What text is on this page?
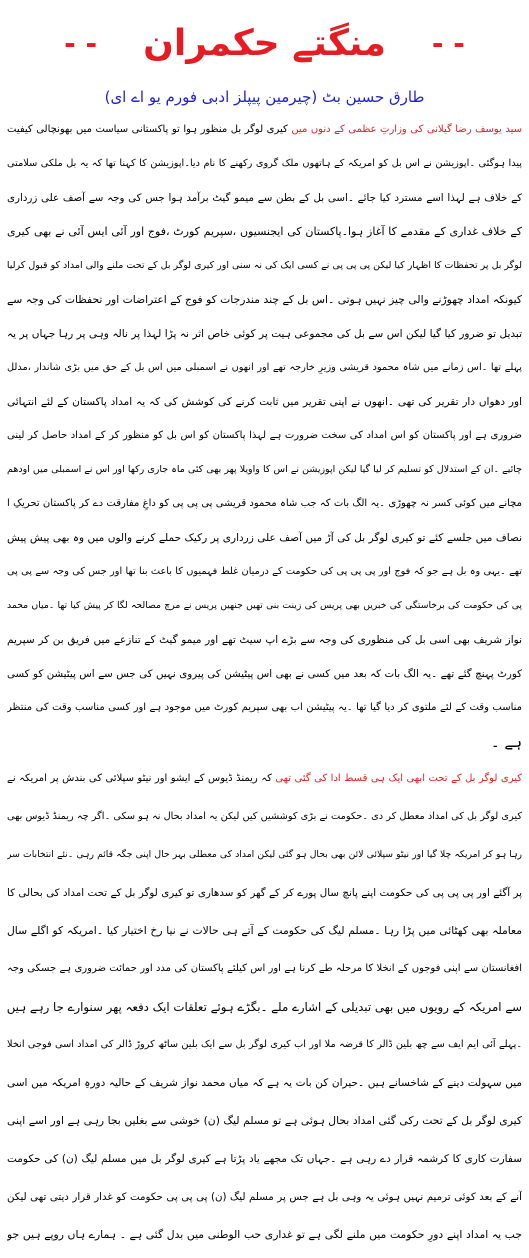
- - منگتے حکمران - -
طارق حسین بٹ (چیرمین پیپلز ادبی فورم یو اے ای)
سید یوسف رضا گیلانی کی وزارتِ عظمی کے دنوں میں کیری لوگر بل منظور ہوا تو پاکستانی سیاست میں بھونچالی کیفیت
پیدا ہوگئی ۔اپوزیشن نے اس بل کو امریکہ کے ہاتھوں ملک گروی رکھنے کا نام دیا۔اپوزیشن کا کہنا تھا کہ یہ بل ملکی سلامتی
کے خلاف ہے لہذا اسے مسترد کیا جائے ۔اسی بل کے بطن سے میمو گیٹ برآمد ہوا جس کی وجہ سے آصف علی زرداری
کے خلاف غداری کے مقدمے کا آغاز ہوا۔پاکستان کی ایجنسیوں ،سپریم کورٹ ،فوج اور آئی ایس آئی نے بھی کیری
لوگر بل پر تحفظات کا اظہار کیا لیکن پی پی پی نے کسی ایک کی نہ سنی اور کیری لوگر بل کے تحت ملنے والی امداد کو قبول کرلیا
کیونکہ امداد چھوڑنے والی چیز نہیں ہوتی ۔اس بل کے چند مندرجات کو فوج کے اعتراضات اور تحفظات کی وجہ سے
تبدیل تو ضرور کیا گیا لیکن اس سے بل کی مجموعی ہیت پر کوئی خاص اثر نہ پڑا لہذا پر نالہ وہی پر رہا جہاں پر یہ
پہلے تھا ۔اس زمانے میں شاہ محمود قریشی وزیرِ خارجہ تھے اور انھوں نے اسمبلی میں اس بل کے حق میں بڑی شاندار ،مدلل
اور دھواں دار تقریر کی تھی ۔انھوں نے اپنی تقریر میں ثابت کرنے کی کوشش کی کہ یہ امداد پاکستان کے لئے انتہائی
ضروری ہے اور پاکستان کو اس امداد کی سخت ضرورت ہے لہذا پاکستان کو اس بل کو منظور کر کے امداد حاصل کر لینی
چائیے ۔ان کے استدلال کو تسلیم کر لیا گیا لیکن اپوزیشن نے اس کا واویلا پھر بھی کئی ماہ جاری رکھا اور اس نے اسمبلی میں اودھم
مچانے میں کوئی کسر نہ چھوڑی ۔یہ الگ بات کہ جب شاہ محمود قریشی پی پی پی کو داغِ مفارقت دے کر پاکستان تحریکِ ا
نصاف میں جلسے کئے تو کیری لوگر بل کی آڑ میں آصف علی زرداری پر رکیک حملے کرنے والوں میں وہ بھی پیش پیش
تھے ۔یہی وہ بل ہے جو کہ فوج اور پی پی پی کی حکومت کے درمیان غلط فہمیوں کا باعث بنا تھا اور جس کی وجہ سے پی پی
پی کی حکومت کی برخاستگی کی خبریں بھی پریس کی زینت بنی تھیں جنھیں پریس نے مرچ مصالحہ لگا کر پیش کیا تھا ۔میاں محمد
نواز شریف بھی اسی بل کی منظوری کی وجہ سے بڑے اپ سیٹ تھے اور میمو گیٹ کے تنازعے میں فریق بن کر سپریم
کورٹ پہنچ گئے تھے ۔یہ الگ بات کہ بعد میں کسی نے بھی اس پیٹیشن کی پیروی نہیں کی جس سے اس پیٹیشن کو کسی
مناسب وقت کے لئے ملتوی کر دیا گیا تھا ۔یہ پیٹیشن اب بھی سپریم کورٹ میں موجود ہے اور کسی مناسب وقت کی منتظر
ہے ۔
کیری لوگر بل کے تحت ابھی ایک ہی قسط ادا کی گئی تھی کہ ریمنڈ ڈیوس کے ایشو اور نیٹو سپلائی کی بندش پر امریکہ نے
کیری لوگر بل کی امداد معطل کر دی ۔حکومت نے بڑی کوششیں کیں لیکن یہ امداد بحال نہ ہو سکی ۔اگر چہ ریمنڈ ڈیوس بھی
رہا ہو کر امریکہ چلا گیا اور نیٹو سپلائی لائن بھی بحال ہو گئی لیکن امداد کی معطلی بہر حال اپنی جگہ قائم رہی ۔نئے انتخابات سر
پر آگئے اور پی پی پی کی حکومت اپنے پانچ سال پورے کر کے گھر کو سدھاری تو کیری لوگر بل کے تحت امداد کی بحالی کا
معاملہ بھی کھٹائی میں پڑا رہا ۔مسلم لیگ کی حکومت کے آتے ہی حالات نے نیا رخ اختیار کیا ۔امریکہ کو اگلے سال
افغانستان سے اپنی فوجوں کے انخلا کا مرحلہ طے کرنا ہے اور اس کیلئے پاکستان کی مدد اور حمائت ضروری ہے جسکی وجہ
سے امریکہ کے رویوں میں بھی تبدیلی کے اشارے ملے ۔بگڑے ہوئے تعلقات ایک دفعہ پھر سنوارے جا رہے ہیں
۔پہلے آئی ایم ایف سے چھ بلین ڈالر کا قرضہ ملا اور اب کیری لوگر بل سے ایک بلین ساٹھ کروڑ ڈالر کی امداد اسی فوجی انخلا
میں سہولت دینے کے شاخسانے ہیں ۔حیران کن بات یہ ہے کہ میاں محمد نواز شریف کے حالیہ دورہِ امریکہ میں اسی
کیری لوگر بل کے تحت رکی گئی امداد بحال ہوئی ہے تو مسلم لیگ (ن) خوشی سے بغلیں بجا رہی ہے اور اسے اپنی
سفارت کاری کا کرشمہ قرار دے رہی ہے ۔جہاں تک مجھے یاد پڑتا ہے کیری لوگر بل میں مسلم لیگ (ن) کی حکومت
آنے کے بعد کوئی ترمیم نہیں ہوئی یہ وہی بل ہے جس پر مسلم لیگ (ن) پی پی پی حکومت کو غدار قرار دیتی تھی لیکن
جب یہ امداد اپنے دورِ حکومت میں ملنے لگی ہے تو غداری حب الوطنی میں بدل گئی ہے ۔ ہمارے ہاں روپے ہیں جو
